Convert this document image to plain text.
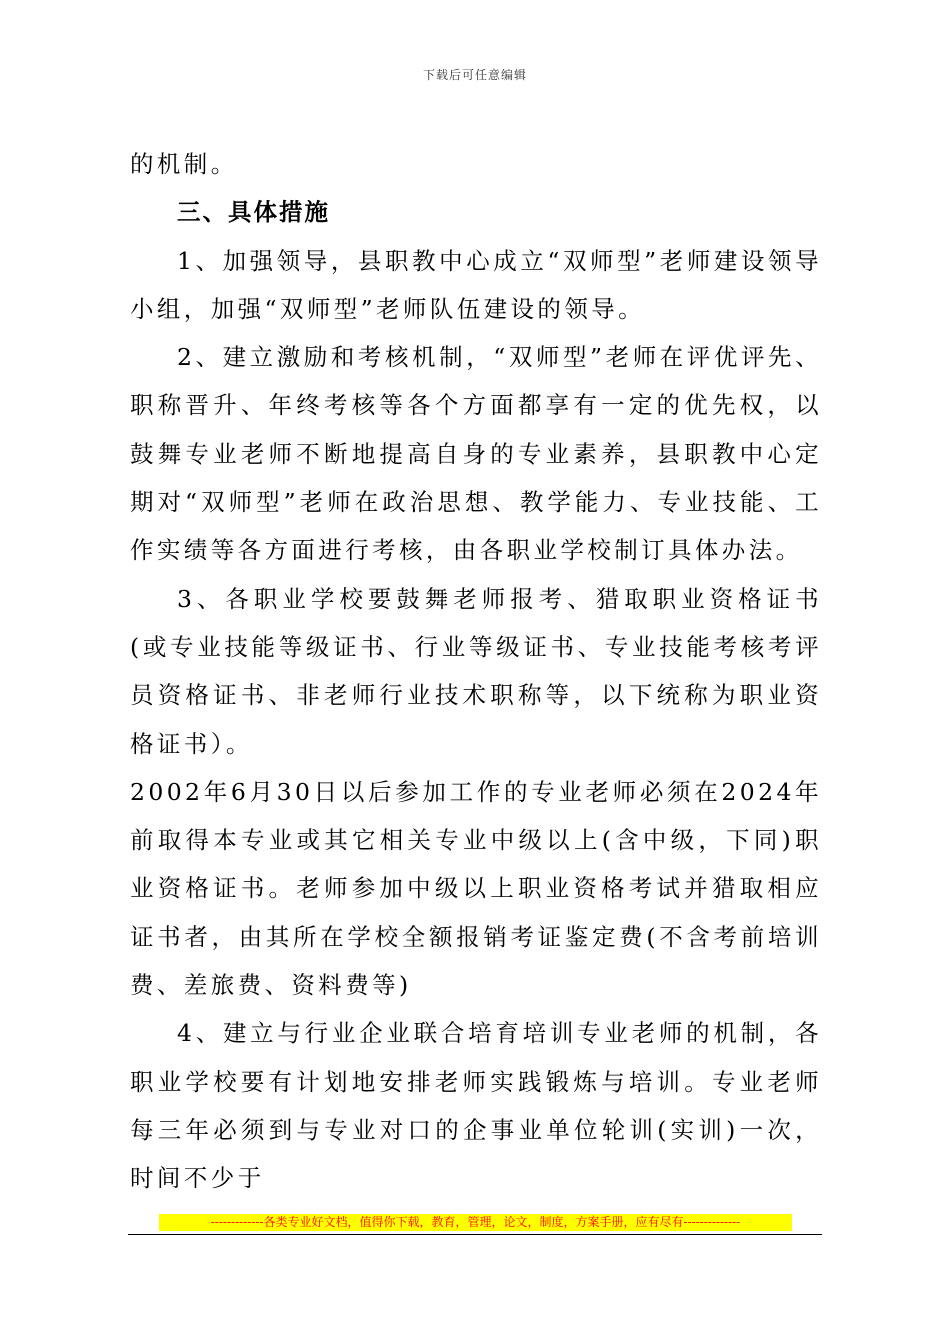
下载后可任意编辑

的机制。

三、具体措施

1、加强领导，县职教中心成立“双师型”老师建设领导小组，加强“双师型”老师队伍建设的领导。

2、建立激励和考核机制，“双师型”老师在评优评先、职称晋升、年终考核等各个方面都享有一定的优先权，以鼓舞专业老师不断地提高自身的专业素养，县职教中心定期对“双师型”老师在政治思想、教学能力、专业技能、工作实绩等各方面进行考核，由各职业学校制订具体办法。

3、各职业学校要鼓舞老师报考、猎取职业资格证书(或专业技能等级证书、行业等级证书、专业技能考核考评员资格证书、非老师行业技术职称等，以下统称为职业资格证书）。

2002年6月30日以后参加工作的专业老师必须在2024年前取得本专业或其它相关专业中级以上(含中级，下同)职业资格证书。老师参加中级以上职业资格考试并猎取相应证书者，由其所在学校全额报销考证鉴定费(不含考前培训费、差旅费、资料费等)

4、建立与行业企业联合培育培训专业老师的机制，各职业学校要有计划地安排老师实践锻炼与培训。专业老师每三年必须到与专业对口的企事业单位轮训(实训)一次，时间不少于

-------------各类专业好文档，值得你下载，教育，管理，论文，制度，方案手册，应有尽有--------------
